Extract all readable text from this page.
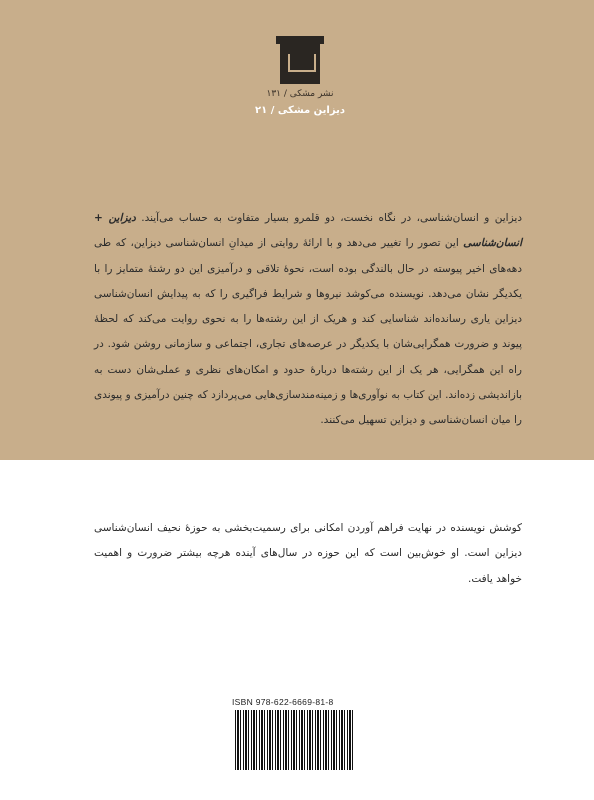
نشر مشکی / ۱۳۱
دیزاین مشکی / ۲۱

دیزاین و انسان‌شناسی، در نگاه نخست، دو قلمرو بسیار متفاوت به حساب می‌آیند. دیزاین + انسان‌شناسی این تصور را تغییر می‌دهد و با ارائهٔ روایتی از میدانِ انسان‌شناسی دیزاین، که طی دهه‌های اخیر پیوسته در حال بالندگی بوده است، نحوهٔ تلاقی و درآمیزی این دو رشتهٔ متمایز را با یکدیگر نشان می‌دهد. نویسنده می‌کوشد نیروها و شرایط فراگیری را که به پیدایش انسان‌شناسی دیزاین یاری رسانده‌اند شناسایی کند و هریک از این رشته‌ها را به نحوی روایت می‌کند که لحظهٔ پیوند و ضرورت همگرایی‌شان با یکدیگر در عرصه‌های تجاری، اجتماعی و سازمانی روشن شود. در راه این همگرایی، هر یک از این رشته‌ها دربارهٔ حدود و امکان‌های نظری و عملی‌شان دست به بازاندیشی زده‌اند. این کتاب به نوآوری‌ها و زمینه‌مندسازی‌هایی می‌پردازد که چنین درآمیزی و پیوندی را میان انسان‌شناسی و دیزاین تسهیل می‌کنند.

کوشش نویسنده در نهایت فراهم آوردن امکانی برای رسمیت‌بخشی به حوزهٔ نحیف انسان‌شناسی دیزاین است. او خوش‌بین است که این حوزه در سال‌های آینده هرچه بیشتر ضرورت و اهمیت خواهد یافت.

ISBN 978-622-6669-81-8
